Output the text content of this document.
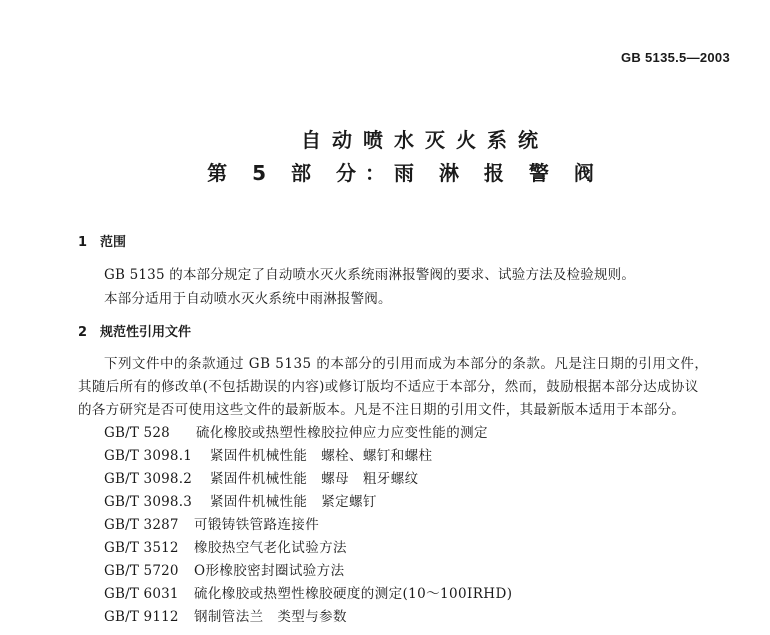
GB 5135.5—2003
自动喷水灭火系统
第 5 部 分：雨 淋 报 警 阀
1 范围
GB 5135 的本部分规定了自动喷水灭火系统雨淋报警阀的要求、试验方法及检验规则。
本部分适用于自动喷水灭火系统中雨淋报警阀。
2 规范性引用文件
下列文件中的条款通过 GB 5135 的本部分的引用而成为本部分的条款。凡是注日期的引用文件，
其随后所有的修改单(不包括勘误的内容)或修订版均不适应于本部分，然而，鼓励根据本部分达成协议
的各方研究是否可使用这些文件的最新版本。凡是不注日期的引用文件，其最新版本适用于本部分。
GB/T 528 硫化橡胶或热塑性橡胶拉伸应力应变性能的测定
GB/T 3098.1 紧固件机械性能　螺栓、螺钉和螺柱
GB/T 3098.2 紧固件机械性能　螺母　粗牙螺纹
GB/T 3098.3 紧固件机械性能　紧定螺钉
GB/T 3287 可锻铸铁管路连接件
GB/T 3512 橡胶热空气老化试验方法
GB/T 5720 O形橡胶密封圈试验方法
GB/T 6031 硫化橡胶或热塑性橡胶硬度的测定(10～100IRHD)
GB/T 9112 钢制管法兰　类型与参数
